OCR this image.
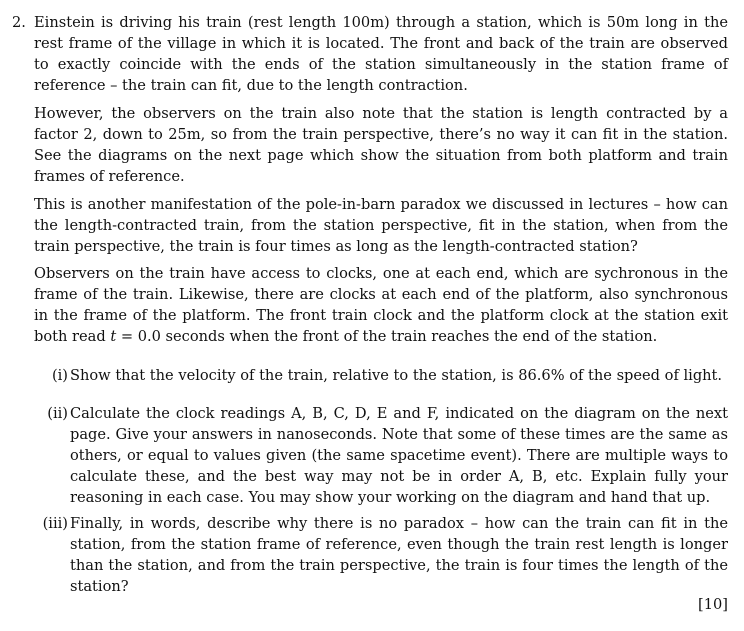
2. Einstein is driving his train (rest length 100m) through a station, which is 50m long in the rest frame of the village in which it is located. The front and back of the train are observed to exactly coincide with the ends of the station simultaneously in the station frame of reference – the train can fit, due to the length contraction.

However, the observers on the train also note that the station is length contracted by a factor 2, down to 25m, so from the train perspective, there’s no way it can fit in the station. See the diagrams on the next page which show the situation from both platform and train frames of reference.

This is another manifestation of the pole-in-barn paradox we discussed in lectures – how can the length-contracted train, from the station perspective, fit in the station, when from the train perspective, the train is four times as long as the length-contracted station?

Observers on the train have access to clocks, one at each end, which are sychronous in the frame of the train. Likewise, there are clocks at each end of the platform, also synchronous in the frame of the platform. The front train clock and the platform clock at the station exit both read t = 0.0 seconds when the front of the train reaches the end of the station.

(i) Show that the velocity of the train, relative to the station, is 86.6% of the speed of light.
(ii) Calculate the clock readings A, B, C, D, E and F, indicated on the diagram on the next page. Give your answers in nanoseconds. Note that some of these times are the same as others, or equal to values given (the same spacetime event). There are multiple ways to calculate these, and the best way may not be in order A, B, etc. Explain fully your reasoning in each case. You may show your working on the diagram and hand that up.
(iii) Finally, in words, describe why there is no paradox – how can the train can fit in the station, from the station frame of reference, even though the train rest length is longer than the station, and from the train perspective, the train is four times the length of the station?
[10]
